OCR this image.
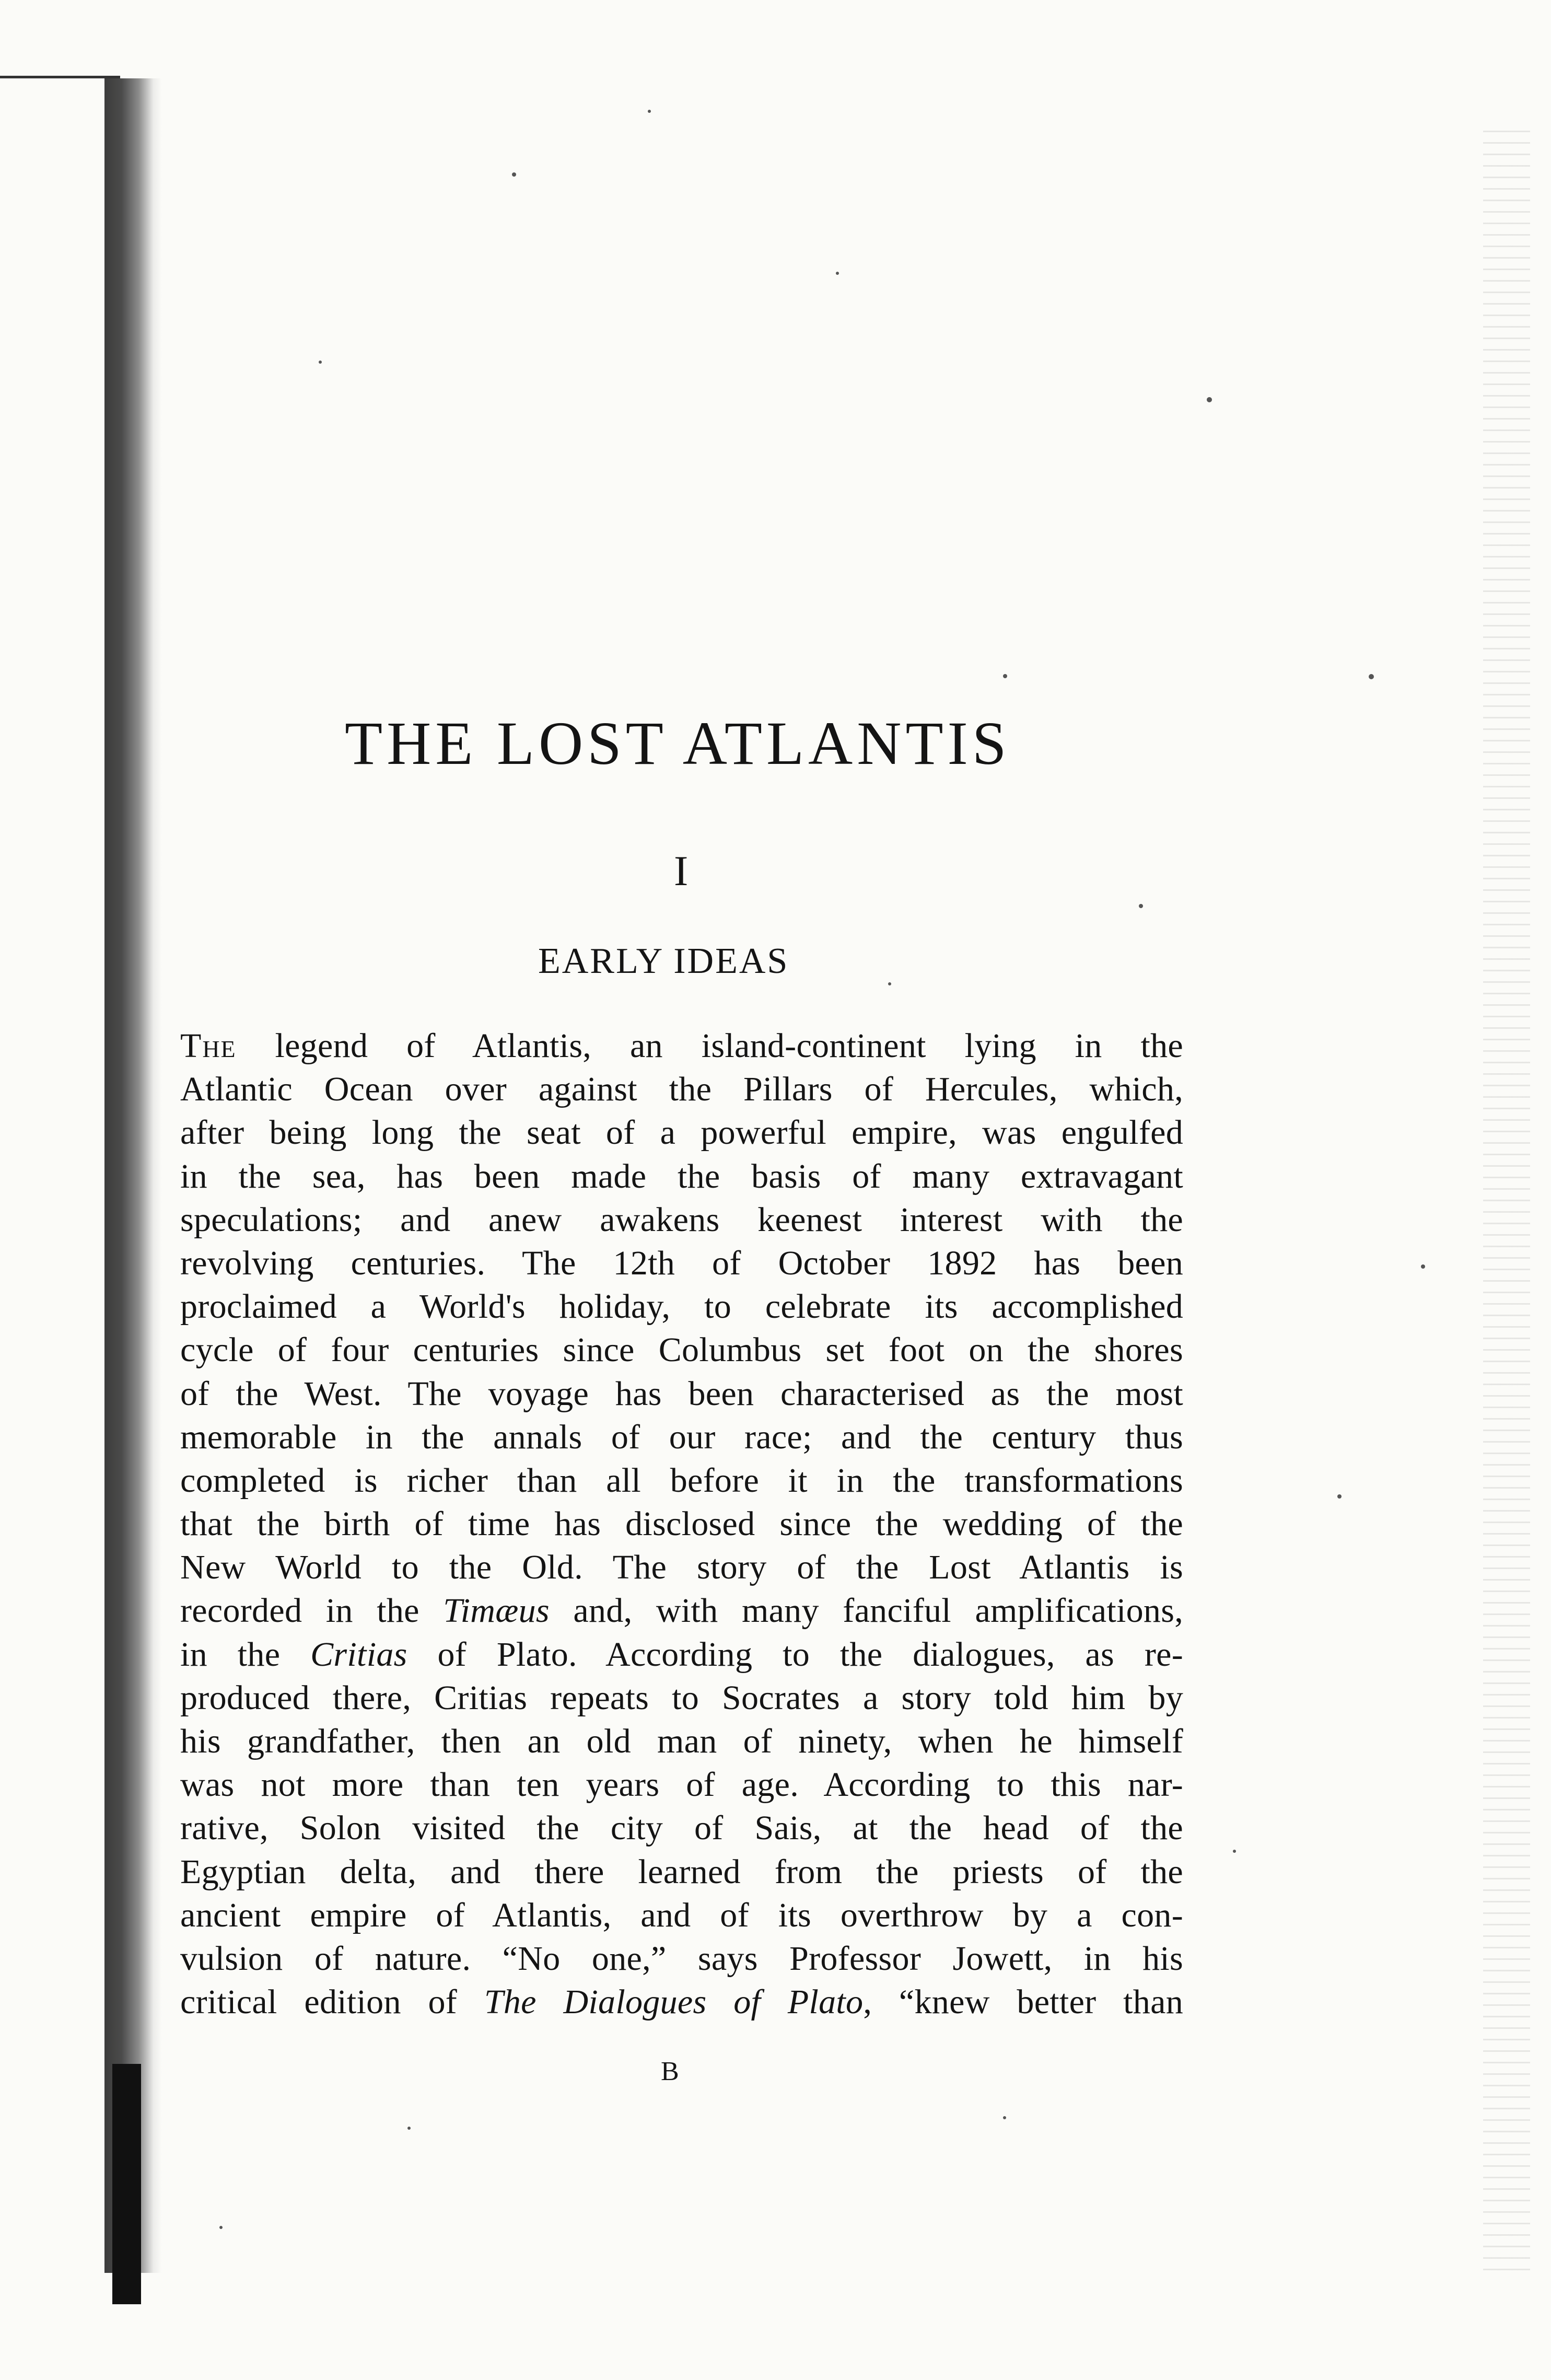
THE LOST ATLANTIS
I
EARLY IDEAS
The legend of Atlantis, an island-continent lying in the
Atlantic Ocean over against the Pillars of Hercules, which,
after being long the seat of a powerful empire, was engulfed
in the sea, has been made the basis of many extravagant
speculations; and anew awakens keenest interest with the
revolving centuries. The 12th of October 1892 has been
proclaimed a World's holiday, to celebrate its accomplished
cycle of four centuries since Columbus set foot on the shores
of the West. The voyage has been characterised as the most
memorable in the annals of our race; and the century thus
completed is richer than all before it in the transformations
that the birth of time has disclosed since the wedding of the
New World to the Old. The story of the Lost Atlantis is
recorded in the Timæus and, with many fanciful amplifications,
in the Critias of Plato. According to the dialogues, as re-
produced there, Critias repeats to Socrates a story told him by
his grandfather, then an old man of ninety, when he himself
was not more than ten years of age. According to this nar-
rative, Solon visited the city of Sais, at the head of the
Egyptian delta, and there learned from the priests of the
ancient empire of Atlantis, and of its overthrow by a con-
vulsion of nature. “No one,” says Professor Jowett, in his
critical edition of The Dialogues of Plato, “knew better than
B
